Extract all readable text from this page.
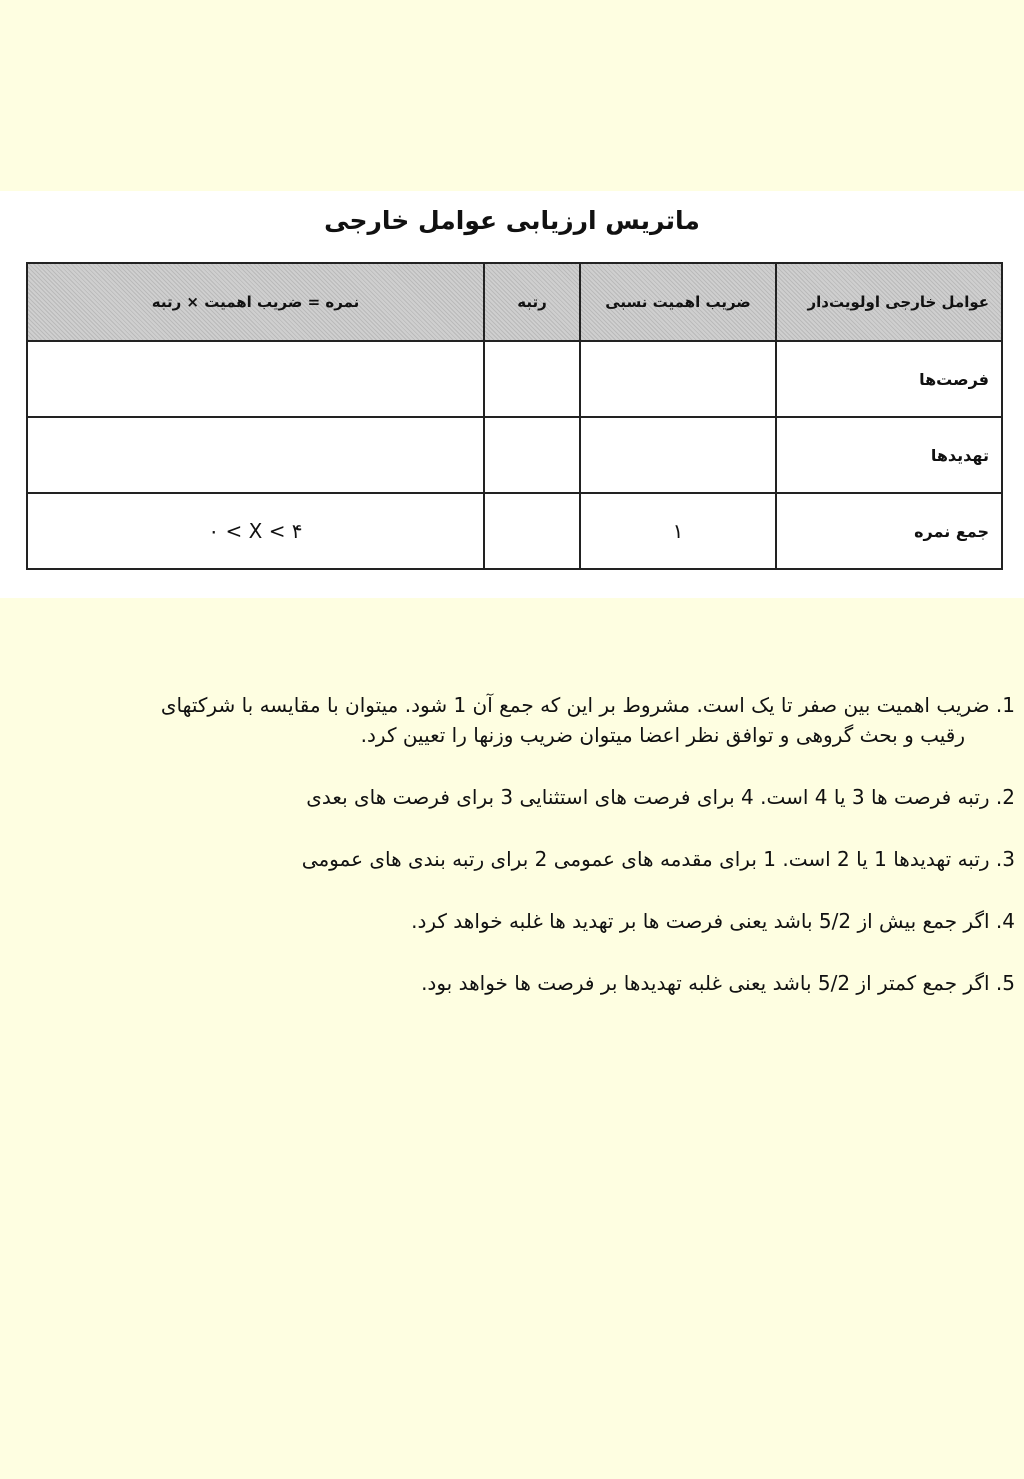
ماتریس ارزیابی عوامل خارجی
عوامل خارجی اولویت‌دار	ضریب اهمیت نسبی	رتبه	نمره = ضریب اهمیت × رتبه
فرصت‌ها			
تهدیدها			
جمع نمره	۱		۰ < X < ۴
1. ضریب اهمیت بین صفر تا یک است. مشروط بر این که جمع آن 1 شود. میتوان با مقایسه با شرکتهای
رقیب و بحث گروهی و توافق نظر اعضا میتوان ضریب وزنها را تعیین کرد.
2. رتبه فرصت ها 3 یا 4 است. 4 برای فرصت های استثنایی 3 برای فرصت های بعدی
3. رتبه تهدیدها 1 یا 2 است. 1 برای مقدمه های عمومی 2 برای رتبه بندی های عمومی
4. اگر جمع بیش از 5/2 باشد یعنی فرصت ها بر تهدید ها غلبه خواهد کرد.
5. اگر جمع کمتر از 5/2 باشد یعنی غلبه تهدیدها بر فرصت ها خواهد بود.
